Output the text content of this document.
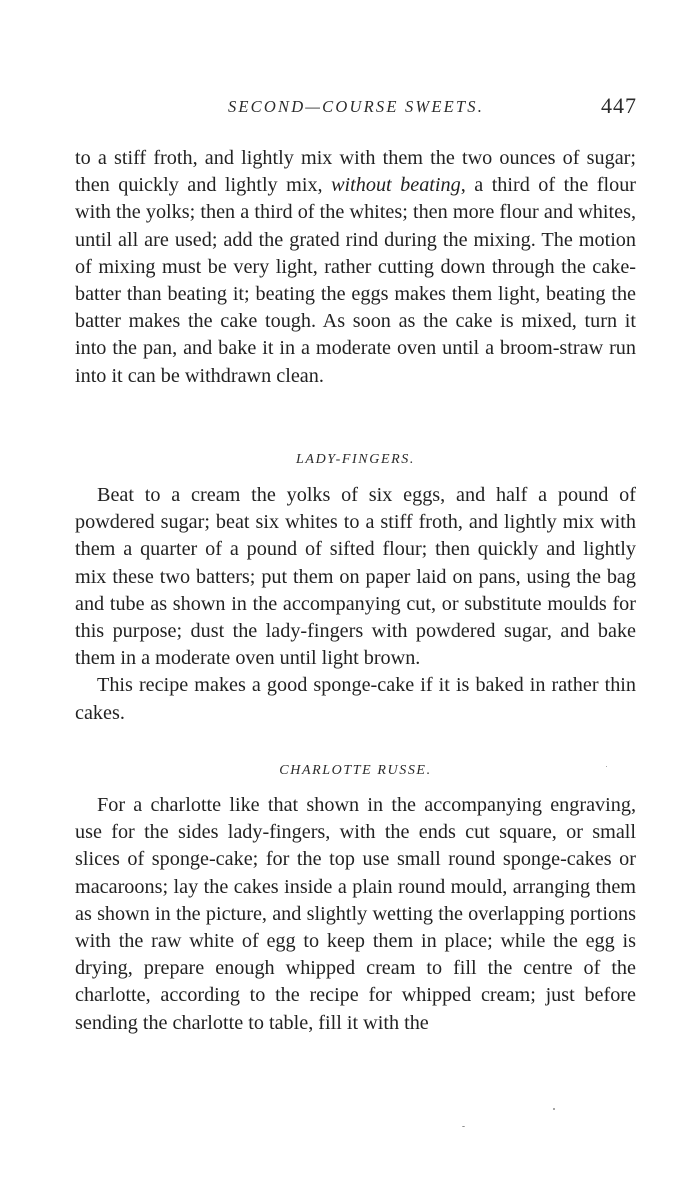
SECOND—COURSE SWEETS.	447

to a stiff froth, and lightly mix with them the two ounces of sugar; then quickly and lightly mix, without beating, a third of the flour with the yolks; then a third of the whites; then more flour and whites, until all are used; add the grated rind during the mixing. The motion of mixing must be very light, rather cutting down through the cake-batter than beating it; beating the eggs makes them light, beating the batter makes the cake tough. As soon as the cake is mixed, turn it into the pan, and bake it in a moderate oven until a broom-straw run into it can be withdrawn clean.

LADY-FINGERS.

Beat to a cream the yolks of six eggs, and half a pound of powdered sugar; beat six whites to a stiff froth, and lightly mix with them a quarter of a pound of sifted flour; then quickly and lightly mix these two batters; put them on paper laid on pans, using the bag and tube as shown in the accompanying cut, or substitute moulds for this purpose; dust the lady-fingers with powdered sugar, and bake them in a moderate oven until light brown.

This recipe makes a good sponge-cake if it is baked in rather thin cakes.

CHARLOTTE RUSSE.

For a charlotte like that shown in the accompanying engraving, use for the sides lady-fingers, with the ends cut square, or small slices of sponge-cake; for the top use small round sponge-cakes or macaroons; lay the cakes inside a plain round mould, arranging them as shown in the picture, and slightly wetting the overlapping portions with the raw white of egg to keep them in place; while the egg is drying, prepare enough whipped cream to fill the centre of the charlotte, according to the recipe for whipped cream; just before sending the charlotte to table, fill it with the
